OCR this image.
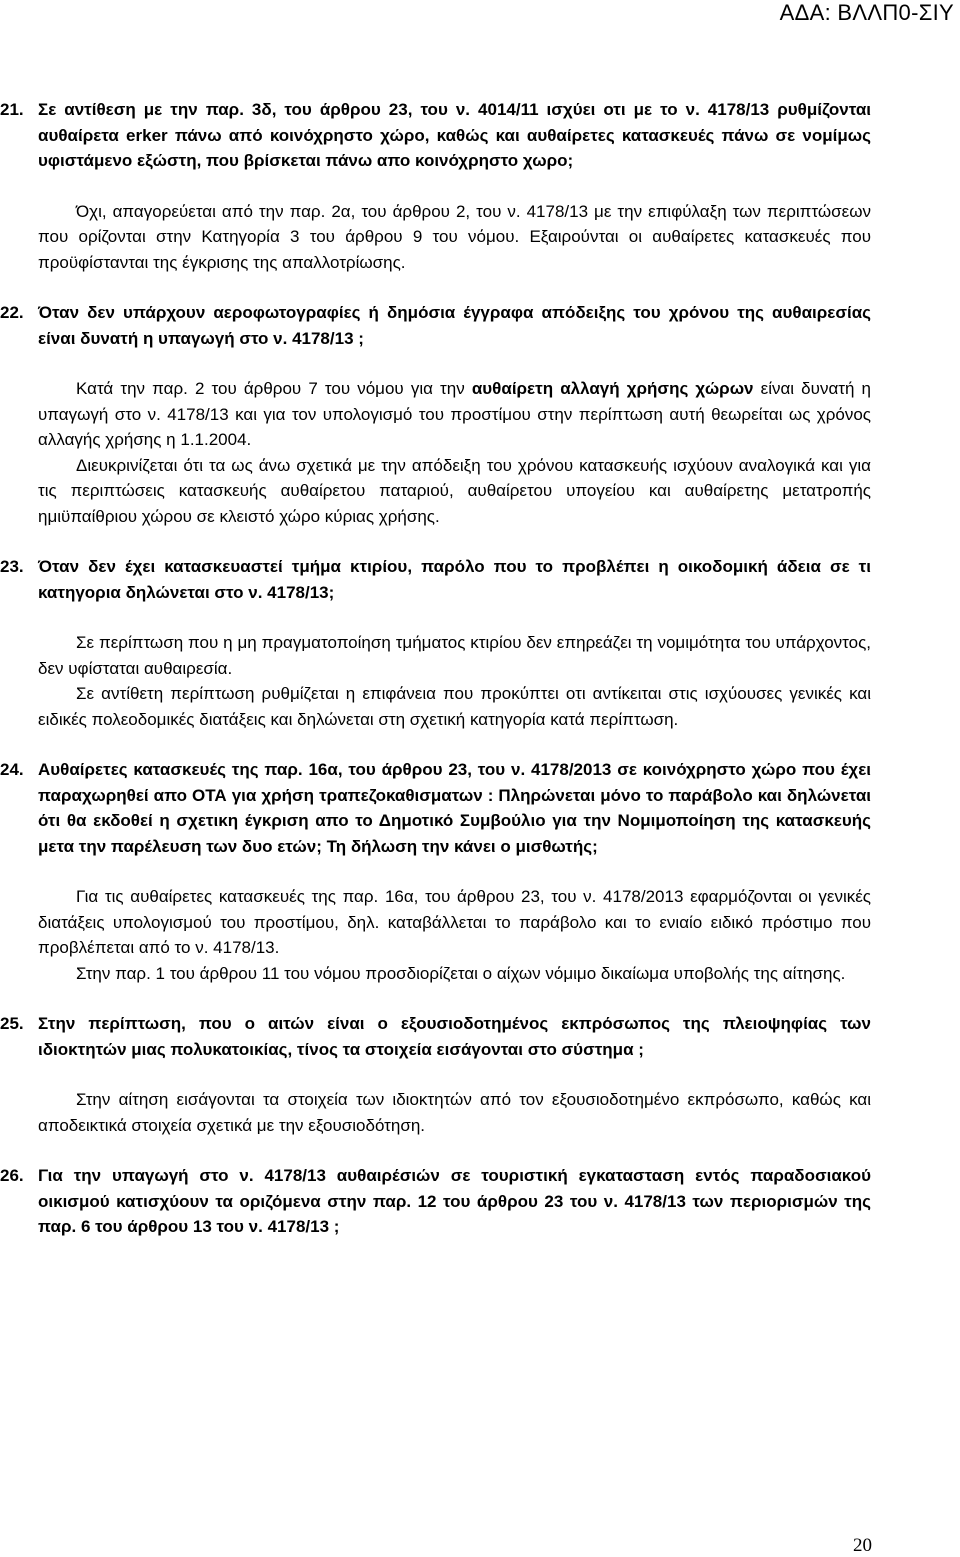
ΑΔΑ: ΒΛΛΠ0-ΣΙΥ

21. Σε αντίθεση με την παρ. 3δ, του άρθρου 23, του ν. 4014/11 ισχύει οτι με το ν. 4178/13 ρυθμίζονται αυθαίρετα erker πάνω από κοινόχρηστο χώρο, καθώς και αυθαίρετες κατασκευές πάνω σε νομίμως υφιστάμενο εξώστη, που βρίσκεται πάνω απο κοινόχρηστο χωρο;

Όχι, απαγορεύεται από την παρ. 2α, του άρθρου 2, του ν. 4178/13 με την επιφύλαξη των περιπτώσεων που ορίζονται στην Κατηγορία 3 του άρθρου 9 του νόμου. Εξαιρούνται οι αυθαίρετες κατασκευές που προϋφίστανται της έγκρισης της απαλλοτρίωσης.

22. Όταν δεν υπάρχουν αεροφωτογραφίες ή δημόσια έγγραφα απόδειξης του χρόνου της αυθαιρεσίας είναι δυνατή η υπαγωγή στο ν. 4178/13 ;

Κατά την παρ. 2 του άρθρου 7 του νόμου για την αυθαίρετη αλλαγή χρήσης χώρων είναι δυνατή η υπαγωγή στο ν. 4178/13 και για τον υπολογισμό του προστίμου στην περίπτωση αυτή θεωρείται ως χρόνος αλλαγής χρήσης η 1.1.2004.

Διευκρινίζεται ότι τα ως άνω σχετικά με την απόδειξη του χρόνου κατασκευής ισχύουν αναλογικά και για τις περιπτώσεις κατασκευής αυθαίρετου παταριού, αυθαίρετου υπογείου και αυθαίρετης μετατροπής ημιϋπαίθριου χώρου σε κλειστό χώρο κύριας χρήσης.

23. Όταν δεν έχει κατασκευαστεί τμήμα κτιρίου, παρόλο που το προβλέπει η οικοδομική άδεια σε τι κατηγορια δηλώνεται στο ν. 4178/13;

Σε περίπτωση που η μη πραγματοποίηση τμήματος κτιρίου δεν επηρεάζει τη νομιμότητα του υπάρχοντος, δεν υφίσταται αυθαιρεσία.

Σε αντίθετη περίπτωση ρυθμίζεται η επιφάνεια που προκύπτει οτι αντίκειται στις ισχύουσες γενικές και ειδικές πολεοδομικές διατάξεις και δηλώνεται στη σχετική κατηγορία κατά περίπτωση.

24. Αυθαίρετες κατασκευές της παρ. 16α, του άρθρου 23, του ν. 4178/2013 σε κοινόχρηστο χώρο που έχει παραχωρηθεί απο ΟΤΑ για χρήση τραπεζοκαθισματων : Πληρώνεται μόνο το παράβολο και δηλώνεται ότι θα εκδοθεί η σχετικη έγκριση απο το Δημοτικό Συμβούλιο για την Νομιμοποίηση της κατασκευής μετα την παρέλευση των δυο ετών; Τη δήλωση την κάνει ο μισθωτής;

Για τις αυθαίρετες κατασκευές της παρ. 16α, του άρθρου 23, του ν. 4178/2013 εφαρμόζονται οι γενικές διατάξεις υπολογισμού του προστίμου, δηλ. καταβάλλεται το παράβολο και το ενιαίο ειδικό πρόστιμο που προβλέπεται από το ν. 4178/13.

Στην παρ. 1 του άρθρου 11 του νόμου προσδιορίζεται ο αίχων νόμιμο δικαίωμα υποβολής της αίτησης.

25. Στην περίπτωση, που ο αιτών είναι ο εξουσιοδοτημένος εκπρόσωπος της πλειοψηφίας των ιδιοκτητών μιας πολυκατοικίας, τίνος τα στοιχεία εισάγονται στο σύστημα ;

Στην αίτηση εισάγονται τα στοιχεία των ιδιοκτητών από τον εξουσιοδοτημένο εκπρόσωπο, καθώς και αποδεικτικά στοιχεία σχετικά με την εξουσιοδότηση.

26. Για την υπαγωγή στο ν. 4178/13 αυθαιρέσιών σε τουριστική εγκατασταση εντός παραδοσιακού οικισμού κατισχύουν τα οριζόμενα στην παρ. 12 του άρθρου 23 του ν. 4178/13 των περιορισμών της παρ. 6 του άρθρου 13 του ν. 4178/13 ;

20
